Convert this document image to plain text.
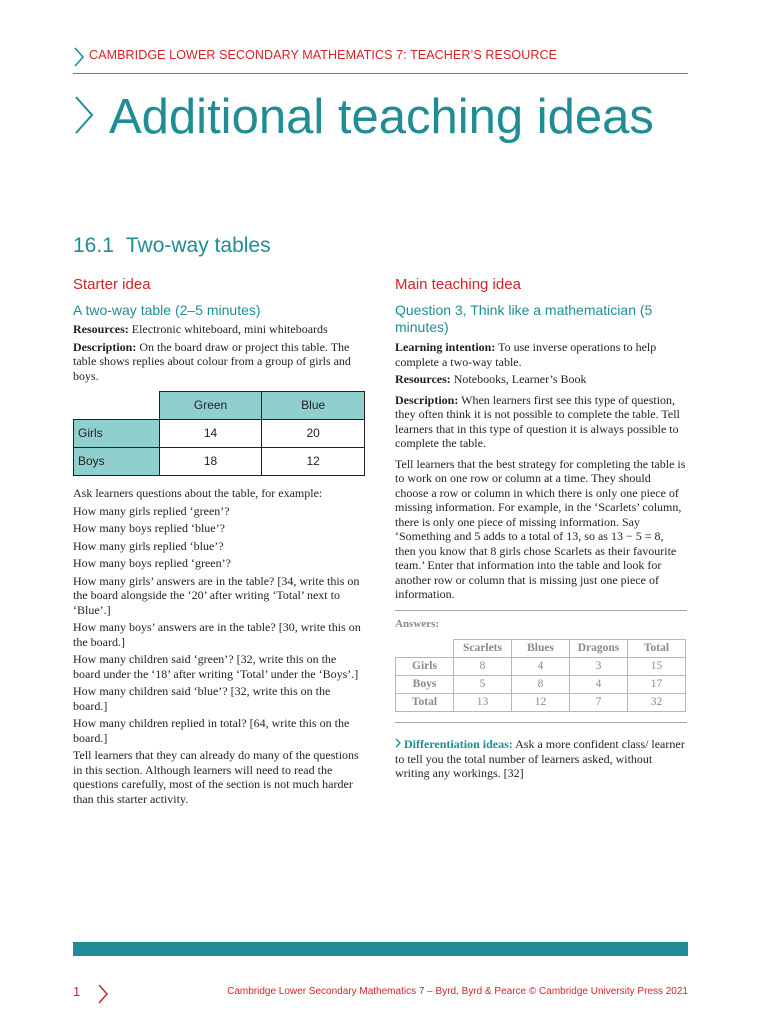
CAMBRIDGE LOWER SECONDARY MATHEMATICS 7: TEACHER’S RESOURCE
Additional teaching ideas
16.1 Two-way tables
Starter idea
A two-way table (2–5 minutes)

Resources: Electronic whiteboard, mini whiteboards

Description: On the board draw or project this table. The table shows replies about colour from a group of girls and boys.

	Green	Blue
Girls	14	20
Boys	18	12

Ask learners questions about the table, for example:

How many girls replied ‘green’?

How many boys replied ‘blue’?

How many girls replied ‘blue’?

How many boys replied ‘green’?

How many girls’ answers are in the table? [34, write this on the board alongside the ‘20’ after writing ‘Total’ next to ‘Blue’.]

How many boys’ answers are in the table? [30, write this on the board.]

How many children said ‘green’? [32, write this on the board under the ‘18’ after writing ‘Total’ under the ‘Boys’.]

How many children said ‘blue’? [32, write this on the board.]

How many children replied in total? [64, write this on the board.]

Tell learners that they can already do many of the questions in this section. Although learners will need to read the questions carefully, most of the section is not much harder than this starter activity.

Main teaching idea
Question 3, Think like a mathematician (5 minutes)

Learning intention: To use inverse operations to help complete a two-way table.

Resources: Notebooks, Learner’s Book

Description: When learners first see this type of question, they often think it is not possible to complete the table. Tell learners that in this type of question it is always possible to complete the table.

Tell learners that the best strategy for completing the table is to work on one row or column at a time. They should choose a row or column in which there is only one piece of missing information. For example, in the ‘Scarlets’ column, there is only one piece of missing information. Say ‘Something and 5 adds to a total of 13, so as 13 − 5 = 8, then you know that 8 girls chose Scarlets as their favourite team.’ Enter that information into the table and look for another row or column that is missing just one piece of information.

Answers:
	Scarlets	Blues	Dragons	Total
Girls	8	4	3	15
Boys	5	8	4	17
Total	13	12	7	32

Differentiation ideas: Ask a more confident class/ learner to tell you the total number of learners asked, without writing any workings. [32]

1	Cambridge Lower Secondary Mathematics 7 – Byrd, Byrd & Pearce © Cambridge University Press 2021
